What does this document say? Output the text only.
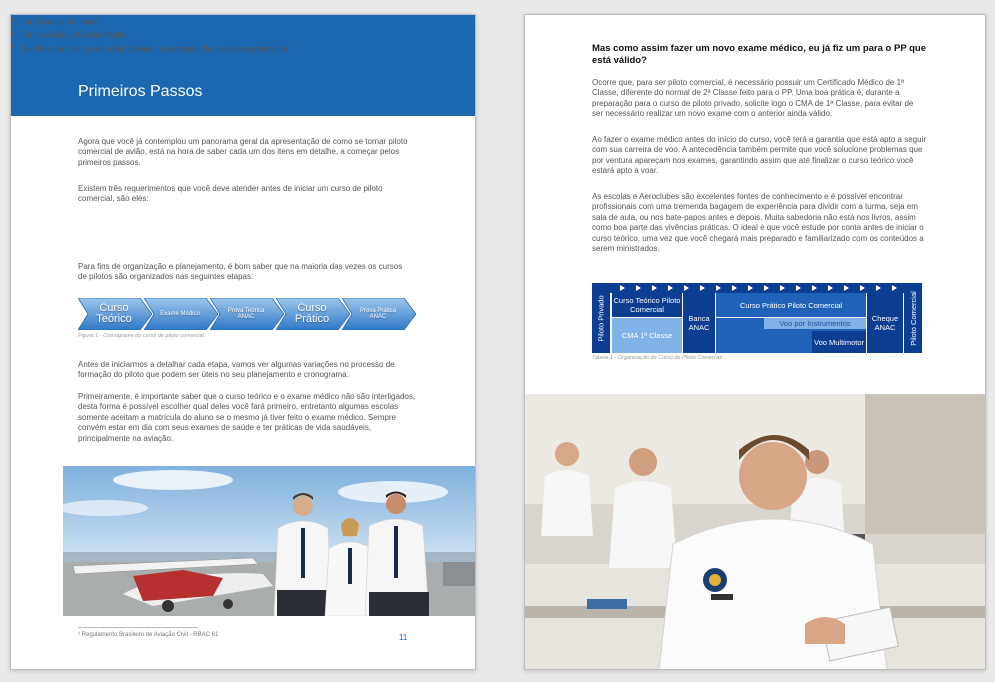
Primeiros Passos

Agora que você já contemplou um panorama geral da apresentação de como se tornar piloto comercial de avião, está na hora de saber cada um dos itens em detalhe, a começar pelos primeiros passos.

Existem três requerimentos que você deve atender antes de iniciar um curso de piloto comercial, são eles:

• Ter 18 anos, ou mais;$^1$
• Ter concluído o Ensino Médio;$^1$
• Ser titular de licença de piloto privado na categoria de aeronave pretendida.$^1$

Para fins de organização e planejamento, é bom saber que na maioria das vezes os cursos de pilotos são organizados nas seguintes etapas:

Curso Teórico	Exame Médico	Prova Teórica ANAC
Curso Prático
Prova Prática ANAC
Figura 1 - Cronograma do curso de piloto comercial.

Antes de iniciarmos a detalhar cada etapa, vamos ver algumas variações no processo de formação do piloto que podem ser úteis no seu planejamento e cronograma.

Primeiramente, é importante saber que o curso teórico e o exame médico não são interligados, desta forma é possível escolher qual deles você fará primeiro, entretanto algumas escolas somente aceitam a matrícula do aluno se o mesmo já tiver feito o exame médico. Sempre convém estar em dia com seus exames de saúde e ter práticas de vida saudáveis, principalmente na aviação.

¹ Regulamento Brasileiro de Aviação Civil - RBAC 61	11
Mas como assim fazer um novo exame médico, eu já fiz um para o PP que está válido?

Ocorre que, para ser piloto comercial, é necessário possuir um Certificado Médico de 1ª Classe, diferente do normal de 2ª Classe feito para o PP. Uma boa prática é, durante a preparação para o curso de piloto privado, solicite logo o CMA de 1ª Classe, para evitar de ser necessário realizar um novo exame com o anterior ainda válido.

Ao fazer o exame médico antes do início do curso, você terá a garantia que está apto a seguir com sua carreira de voo. A antecedência também permite que você solucione problemas que por ventura apareçam nos exames, garantindo assim que até finalizar o curso teórico você estará apto a voar.

As escolas e Aeroclubes são excelentes fontes de conhecimento e é possível encontrar profissionais com uma tremenda bagagem de experiência para dividir com a turma, seja em sala de aula, ou nos bate-papos antes e depois. Muita sabedoria não está nos livros, assim como boa parte das vivências práticas. O ideal é que você estude por conta antes de iniciar o curso teórico, uma vez que você chegará mais preparado e familiarizado com os conteúdos a serem ministrados.

Piloto Privado Curso Teórico Piloto Comercial
CMA 1ª Classe
Banca ANAC
Curso Prático Piloto Comercial
Voo por Instrumentos
Voo Multimotor
Cheque ANAC	Piloto Comercial
Tabela 1 - Organização do Curso de Piloto Comercial
